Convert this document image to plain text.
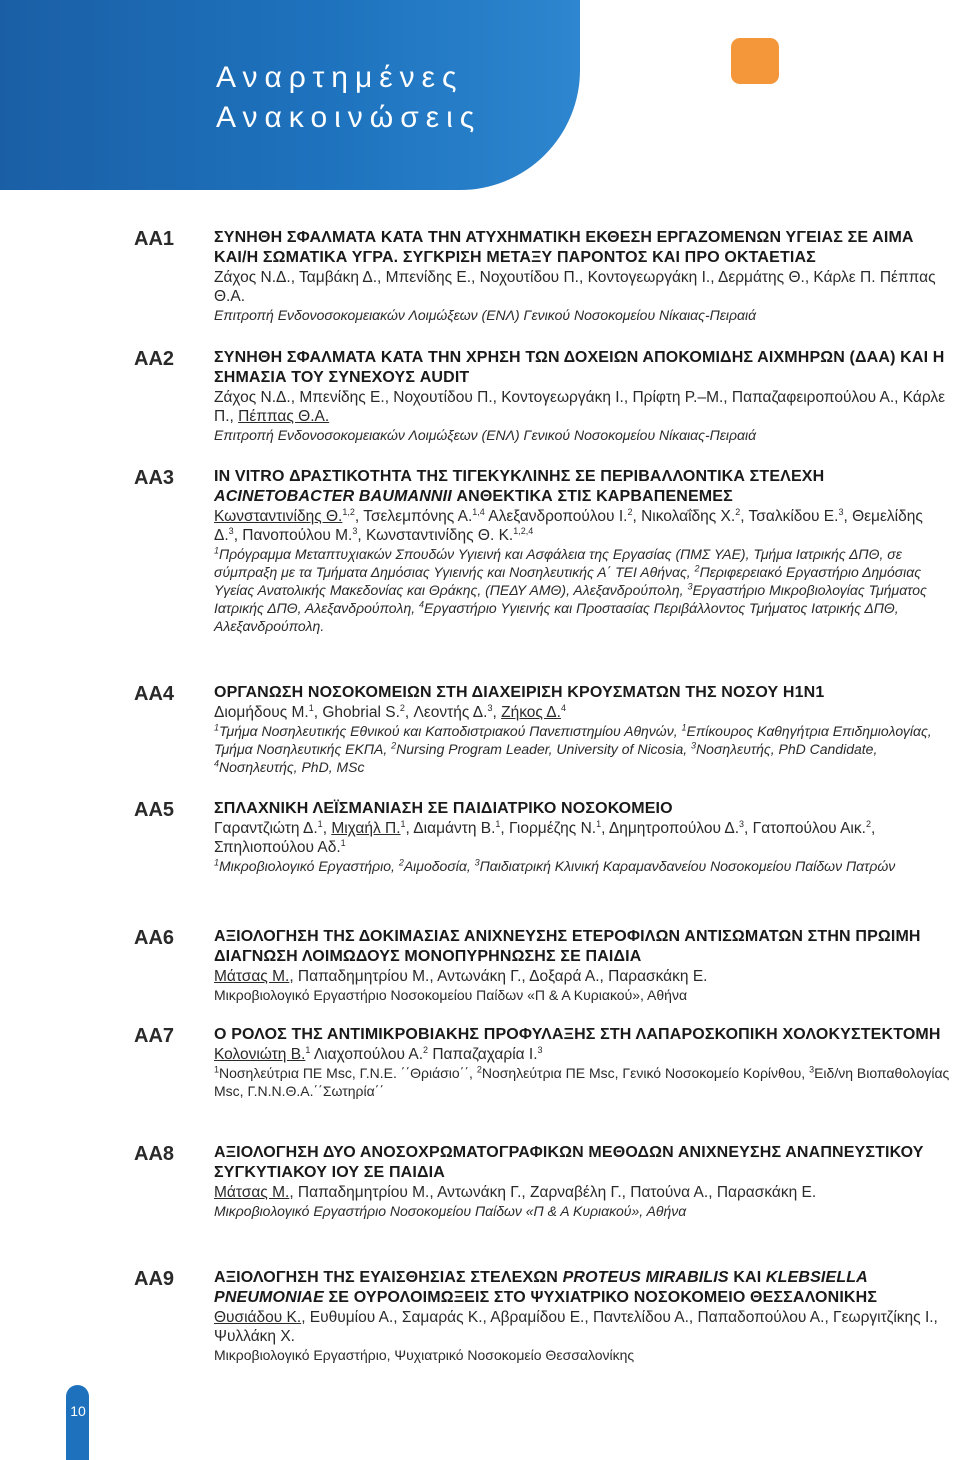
Αναρτημένες
Ανακοινώσεις
10
ΑΑ1	ΣΥΝΗΘΗ ΣΦΑΛΜΑΤΑ ΚΑΤΑ ΤΗΝ ΑΤΥΧΗΜΑΤΙΚΗ ΕΚΘΕΣΗ ΕΡΓΑΖΟΜΕΝΩΝ ΥΓΕΙΑΣ ΣΕ ΑΙΜΑ ΚΑΙ/Η ΣΩΜΑΤΙΚΑ ΥΓΡΑ. ΣΥΓΚΡΙΣΗ ΜΕΤΑΞΥ ΠΑΡΟΝΤΟΣ ΚΑΙ ΠΡΟ ΟΚΤΑΕΤΙΑΣ

Ζάχος Ν.Δ., Ταμβάκη Δ., Μπενίδης Ε., Νοχουτίδου Π., Κοντογεωργάκη Ι., Δερμάτης Θ., Κάρλε Π. Πέππας Θ.Α.

Επιτροπή Ενδονοσοκομειακών Λοιμώξεων (ΕΝΛ) Γενικού Νοσοκομείου Νίκαιας-Πειραιά

ΑΑ2	ΣΥΝΗΘΗ ΣΦΑΛΜΑΤΑ ΚΑΤΑ ΤΗΝ ΧΡΗΣΗ ΤΩΝ ΔΟΧΕΙΩΝ ΑΠΟΚΟΜΙΔΗΣ ΑΙΧΜΗΡΩΝ (ΔΑΑ) ΚΑΙ Η ΣΗΜΑΣΙΑ ΤΟΥ ΣΥΝΕΧΟΥΣ AUDIT

Ζάχος Ν.Δ., Μπενίδης Ε., Νοχουτίδου Π., Κοντογεωργάκη Ι., Πρίφτη Ρ.–Μ., Παπαζαφειροπούλου Α., Κάρλε Π., Πέππας Θ.Α.

Επιτροπή Ενδονοσοκομειακών Λοιμώξεων (ΕΝΛ) Γενικού Νοσοκομείου Νίκαιας-Πειραιά

ΑΑ3	IN VITRO ΔΡΑΣΤΙΚΟΤΗΤΑ ΤΗΣ ΤΙΓΕΚΥΚΛΙΝΗΣ ΣΕ ΠΕΡΙΒΑΛΛΟΝΤΙΚΑ ΣΤΕΛΕΧΗ
ACINETOBACTER BAUMANNII ΑΝΘΕΚΤΙΚΑ ΣΤΙΣ ΚΑΡΒΑΠΕΝΕΜΕΣ

Κωνσταντινίδης Θ.$^{1,2}$, Τσελεμπόνης Α.$^{1,4}$ Αλεξανδροπούλου Ι.$^2$, Νικολαΐδης Χ.$^2$, Τσαλκίδου Ε.$^3$, Θεμελίδης Δ.$^3$, Πανοπούλου Μ.$^3$, Κωνσταντινίδης Θ. Κ.$^{1,2,4}$

$^1$Πρόγραμμα Μεταπτυχιακών Σπουδών Υγιεινή και Ασφάλεια της Εργασίας (ΠΜΣ ΥΑΕ), Τμήμα Ιατρικής ΔΠΘ, σε σύμπραξη με τα Τμήματα Δημόσιας Υγιεινής και Νοσηλευτικής Α΄ ΤΕΙ Αθήνας, $^2$Περιφερειακό Εργαστήριο Δημόσιας Υγείας Ανατολικής Μακεδονίας και Θράκης, (ΠΕΔΥ ΑΜΘ), Αλεξανδρούπολη, $^3$Εργαστήριο Μικροβιολογίας Τμήματος Ιατρικής ΔΠΘ, Αλεξανδρούπολη, $^4$Εργαστήριο Υγιεινής και Προστασίας Περιβάλλοντος Τμήματος Ιατρικής ΔΠΘ, Αλεξανδρούπολη.

ΑΑ4	ΟΡΓΑΝΩΣΗ ΝΟΣΟΚΟΜΕΙΩΝ ΣΤΗ ΔΙΑΧΕΙΡΙΣΗ ΚΡΟΥΣΜΑΤΩΝ ΤΗΣ ΝΟΣΟΥ Η1Ν1

Διομήδους Μ.$^1$, Ghobrial S.$^2$, Λεοντής Δ.$^3$, Ζήκος Δ.$^4$

$^1$Τμήμα Νοσηλευτικής Εθνικού και Καποδιστριακού Πανεπιστημίου Αθηνών, $^1$Επίκουρος Καθηγήτρια Επιδημιολογίας, Τμήμα Νοσηλευτικής ΕΚΠΑ, $^2$Nursing Program Leader, University of Nicosia, $^3$Νοσηλευτής, PhD Candidate, $^4$Νοσηλευτής, PhD, MSc

ΑΑ5	ΣΠΛΑΧΝΙΚΗ ΛΕΪΣΜΑΝΙΑΣΗ ΣΕ ΠΑΙΔΙΑΤΡΙΚΟ ΝΟΣΟΚΟΜΕΙΟ

Γαραντζιώτη Δ.$^1$, Μιχαήλ Π.$^1$, Διαμάντη Β.$^1$, Γιορμέζης Ν.$^1$, Δημητροπούλου Δ.$^3$, Γατοπούλου Αικ.$^2$, Σπηλιοπούλου Αδ.$^1$

$^1$Μικροβιολογικό Εργαστήριο, $^2$Αιμοδοσία, $^3$Παιδιατρική Κλινική Καραμανδανείου Νοσοκομείου Παίδων Πατρών

ΑΑ6	ΑΞΙΟΛΟΓΗΣΗ ΤΗΣ ΔΟΚΙΜΑΣΙΑΣ ΑΝΙΧΝΕΥΣΗΣ ΕΤΕΡΟΦΙΛΩΝ ΑΝΤΙΣΩΜΑΤΩΝ ΣΤΗΝ ΠΡΩΙΜΗ ΔΙΑΓΝΩΣΗ ΛΟΙΜΩΔΟΥΣ ΜΟΝΟΠΥΡΗΝΩΣΗΣ ΣΕ ΠΑΙΔΙΑ

Μάτσας Μ., Παπαδημητρίου Μ., Αντωνάκη Γ., Δοξαρά Α., Παρασκάκη Ε.

Μικροβιολογικό Εργαστήριο Νοσοκομείου Παίδων «Π & Α Κυριακού», Αθήνα

ΑΑ7	Ο ΡΟΛΟΣ ΤΗΣ ΑΝΤΙΜΙΚΡΟΒΙΑΚΗΣ ΠΡΟΦΥΛΑΞΗΣ ΣΤΗ ΛΑΠΑΡΟΣΚΟΠΙΚΗ ΧΟΛΟΚΥΣΤΕΚΤΟΜΗ

Κολονιώτη Β.$^1$ Λιαχοπούλου Α.$^2$ Παπαζαχαρία Ι.$^3$

$^1$Νοσηλεύτρια ΠΕ Msc, Γ.Ν.Ε. ΄΄Θριάσιο΄΄, $^2$Νοσηλεύτρια ΠΕ Msc, Γενικό Νοσοκομείο Κορίνθου, $^3$Ειδ/νη Βιοπαθολογίας Msc, Γ.Ν.Ν.Θ.Α.΄΄Σωτηρία΄΄

ΑΑ8	ΑΞΙΟΛΟΓΗΣΗ ΔΥΟ ΑΝΟΣΟΧΡΩΜΑΤΟΓΡΑΦΙΚΩΝ ΜΕΘΟΔΩΝ ΑΝΙΧΝΕΥΣΗΣ ΑΝΑΠΝΕΥΣΤΙΚΟΥ ΣΥΓΚΥΤΙΑΚΟΥ ΙΟΥ ΣΕ ΠΑΙΔΙΑ

Μάτσας Μ., Παπαδημητρίου Μ., Αντωνάκη Γ., Ζαρναβέλη Γ., Πατούνα Α., Παρασκάκη Ε.

Μικροβιολογικό Εργαστήριο Νοσοκομείου Παίδων «Π & Α Κυριακού», Αθήνα

ΑΑ9	ΑΞΙΟΛΟΓΗΣΗ ΤΗΣ ΕΥΑΙΣΘΗΣΙΑΣ ΣΤΕΛΕΧΩΝ PROTEUS MIRABILIS ΚΑΙ KLEBSIELLA PNEUMONIAE ΣΕ ΟΥΡΟΛΟΙΜΩΞΕΙΣ ΣΤΟ ΨΥΧΙΑΤΡΙΚΟ ΝΟΣΟΚΟΜΕΙΟ ΘΕΣΣΑΛΟΝΙΚΗΣ

Θυσιάδου Κ., Ευθυμίου Α., Σαμαράς Κ., Αβραμίδου Ε., Παντελίδου Α., Παπαδοπούλου Α., Γεωργιτζίκης Ι., Ψυλλάκη Χ.

Μικροβιολογικό Εργαστήριο, Ψυχιατρικό Νοσοκομείο Θεσσαλονίκης
